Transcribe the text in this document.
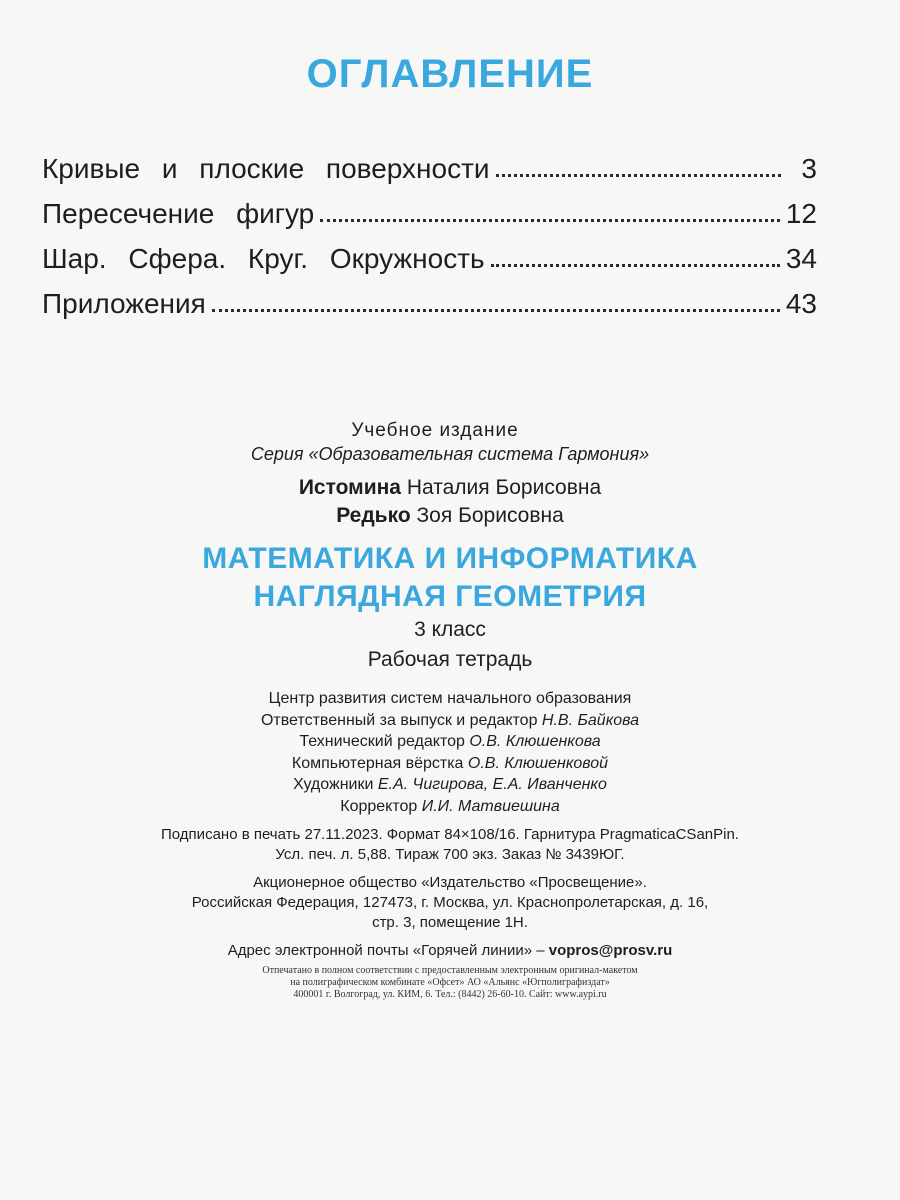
ОГЛАВЛЕНИЕ
Кривые и плоские поверхности	3
Пересечение фигур	12
Шар. Сфера. Круг. Окружность	34
Приложения	43

Учебное издание

Серия «Образовательная система Гармония»

Истомина Наталия Борисовна

Редько Зоя Борисовна

МАТЕМАТИКА И ИНФОРМАТИКА

НАГЛЯДНАЯ ГЕОМЕТРИЯ

3 класс

Рабочая тетрадь

Центр развития систем начального образования

Ответственный за выпуск и редактор Н.В. Байкова

Технический редактор О.В. Клюшенкова

Компьютерная вёрстка О.В. Клюшенковой

Художники Е.А. Чигирова, Е.А. Иванченко

Корректор И.И. Матвиешина

Подписано в печать 27.11.2023. Формат 84×108/16. Гарнитура PragmaticaCSanPin.

Усл. печ. л. 5,88. Тираж 700 экз. Заказ № 3439ЮГ.

Акционерное общество «Издательство «Просвещение».

Российская Федерация, 127473, г. Москва, ул. Краснопролетарская, д. 16,

стр. 3, помещение 1Н.

Адрес электронной почты «Горячей линии» – vopros@prosv.ru

Отпечатано в полном соответствии с предоставленным электронным оригинал-макетом

на полиграфическом комбинате «Офсет» АО «Альянс «Югполиграфиздат»

400001 г. Волгоград, ул. КИМ, 6. Тел.: (8442) 26-60-10. Сайт: www.aypi.ru
